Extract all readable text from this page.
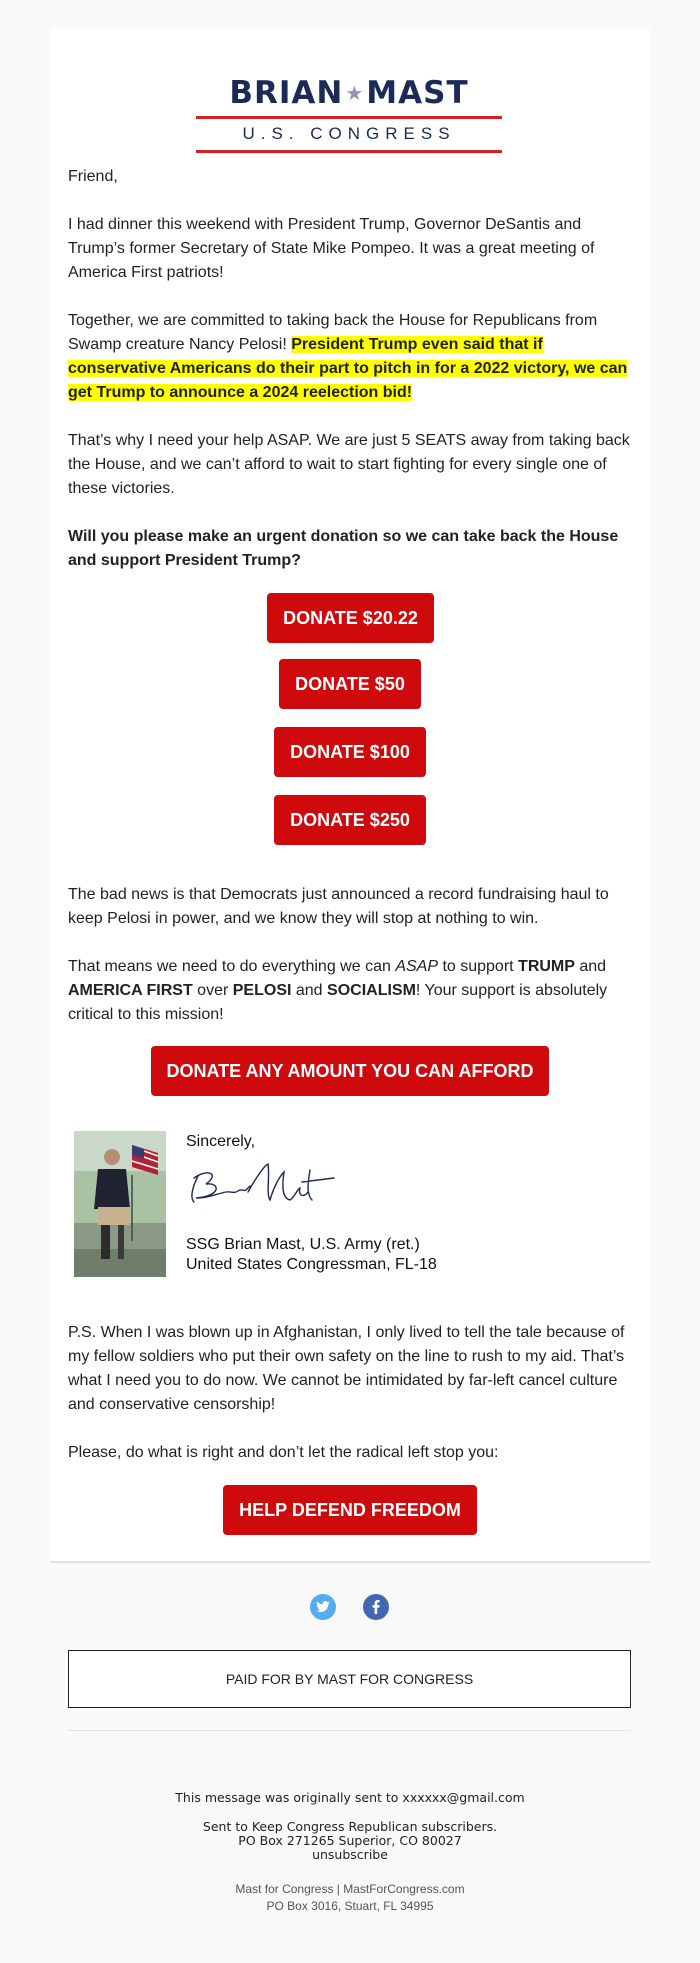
BRIAN ★MAST
U.S. CONGRESS

Friend,

I had dinner this weekend with President Trump, Governor DeSantis and Trump’s former Secretary of State Mike Pompeo. It was a great meeting of America First patriots!

Together, we are committed to taking back the House for Republicans from Swamp creature Nancy Pelosi! President Trump even said that if conservative Americans do their part to pitch in for a 2022 victory, we can get Trump to announce a 2024 reelection bid!

That’s why I need your help ASAP. We are just 5 SEATS away from taking back the House, and we can’t afford to wait to start fighting for every single one of these victories.

Will you please make an urgent donation so we can take back the House and support President Trump?

DONATE $20.22
DONATE $50
DONATE $100
DONATE $250

The bad news is that Democrats just announced a record fundraising haul to keep Pelosi in power, and we know they will stop at nothing to win.

That means we need to do everything we can ASAP to support TRUMP and AMERICA FIRST over PELOSI and SOCIALISM! Your support is absolutely critical to this mission!

DONATE ANY AMOUNT YOU CAN AFFORD
Sincerely,
SSG Brian Mast, U.S. Army (ret.)
United States Congressman, FL-18

P.S. When I was blown up in Afghanistan, I only lived to tell the tale because of my fellow soldiers who put their own safety on the line to rush to my aid. That’s what I need you to do now. We cannot be intimidated by far-left cancel culture and conservative censorship!

Please, do what is right and don’t let the radical left stop you:

HELP DEFEND FREEDOM
PAID FOR BY MAST FOR CONGRESS
This message was originally sent to xxxxxx@gmail.com
Sent to Keep Congress Republican subscribers.
PO Box 271265 Superior, CO 80027
unsubscribe
Mast for Congress | MastForCongress.com
PO Box 3016, Stuart, FL 34995
